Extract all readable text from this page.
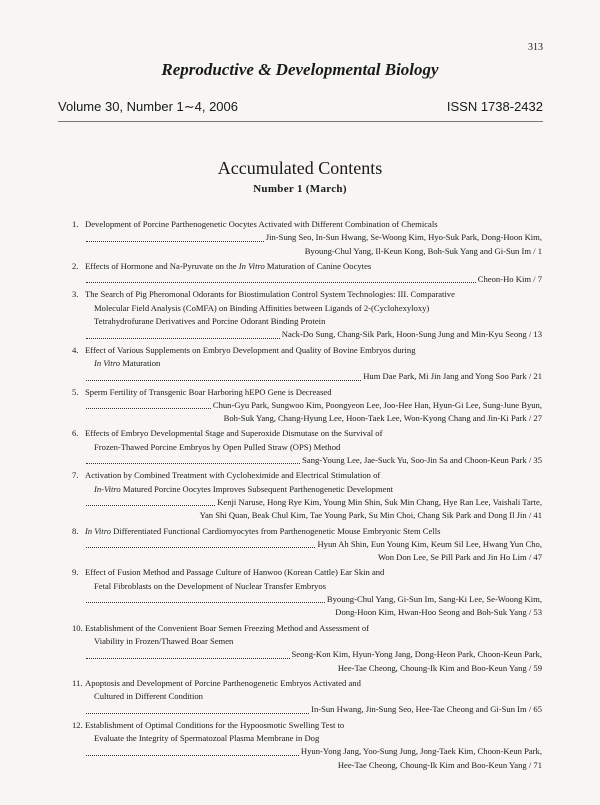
313
Reproductive & Developmental Biology
Volume 30, Number 1∼4, 2006	ISSN 1738-2432
Accumulated Contents
Number 1 (March)
1. Development of Porcine Parthenogenetic Oocytes Activated with Different Combination of Chemicals
Jin-Sung Seo, In-Sun Hwang, Se-Woong Kim, Hyo-Suk Park, Dong-Hoon Kim,
Byoung-Chul Yang, Il-Keun Kong, Boh-Suk Yang and Gi-Sun Im / 1
2. Effects of Hormone and Na-Pyruvate on the In Vitro Maturation of Canine Oocytes
Cheon-Ho Kim / 7
3. The Search of Pig Pheromonal Odorants for Biostimulation Control System Technologies: III. Comparative
Molecular Field Analysis (CoMFA) on Binding Affinities between Ligands of 2-(Cyclohexyloxy)
Tetrahydrofurane Derivatives and Porcine Odorant Binding Protein
Nack-Do Sung, Chang-Sik Park, Hoon-Sung Jung and Min-Kyu Seong / 13
4. Effect of Various Supplements on Embryo Development and Quality of Bovine Embryos during
In Vitro Maturation
Hum Dae Park, Mi Jin Jang and Yong Soo Park / 21
5. Sperm Fertility of Transgenic Boar Harboring hEPO Gene is Decreased
Chun-Gyu Park, Sungwoo Kim, Poongyeon Lee, Joo-Hee Han, Hyun-Gi Lee, Sung-June Byun,
Boh-Suk Yang, Chang-Hyung Lee, Hoon-Taek Lee, Won-Kyong Chang and Jin-Ki Park / 27
6. Effects of Embryo Developmental Stage and Superoxide Dismutase on the Survival of
Frozen-Thawed Porcine Embryos by Open Pulled Straw (OPS) Method
Sang-Young Lee, Jae-Suck Yu, Soo-Jin Sa and Choon-Keun Park / 35
7. Activation by Combined Treatment with Cycloheximide and Electrical Stimulation of
In-Vitro Matured Porcine Oocytes Improves Subsequent Parthenogenetic Development
Kenji Naruse, Hong Rye Kim, Young Min Shin, Suk Min Chang, Hye Ran Lee, Vaishali Tarte,
Yan Shi Quan, Beak Chul Kim, Tae Young Park, Su Min Choi, Chang Sik Park and Dong Il Jin / 41
8. In Vitro Differentiated Functional Cardiomyocytes from Parthenogenetic Mouse Embryonic Stem Cells
Hyun Ah Shin, Eun Young Kim, Keum Sil Lee, Hwang Yun Cho,
Won Don Lee, Se Pill Park and Jin Ho Lim / 47
9. Effect of Fusion Method and Passage Culture of Hanwoo (Korean Cattle) Ear Skin and
Fetal Fibroblasts on the Development of Nuclear Transfer Embryos
Byoung-Chul Yang, Gi-Sun Im, Sang-Ki Lee, Se-Woong Kim,
Dong-Hoon Kim, Hwan-Hoo Seong and Boh-Suk Yang / 53
10. Establishment of the Convenient Boar Semen Freezing Method and Assessment of
Viability in Frozen/Thawed Boar Semen
Seong-Kon Kim, Hyun-Yong Jang, Dong-Heon Park, Choon-Keun Park,
Hee-Tae Cheong, Choung-Ik Kim and Boo-Keun Yang / 59
11. Apoptosis and Development of Porcine Parthenogenetic Embryos Activated and
Cultured in Different Condition
In-Sun Hwang, Jin-Sung Seo, Hee-Tae Cheong and Gi-Sun Im / 65
12. Establishment of Optimal Conditions for the Hypoosmotic Swelling Test to
Evaluate the Integrity of Spermatozoal Plasma Membrane in Dog
Hyun-Yong Jang, Yoo-Sung Jung, Jong-Taek Kim, Choon-Keun Park,
Hee-Tae Cheong, Choung-Ik Kim and Boo-Keun Yang / 71
